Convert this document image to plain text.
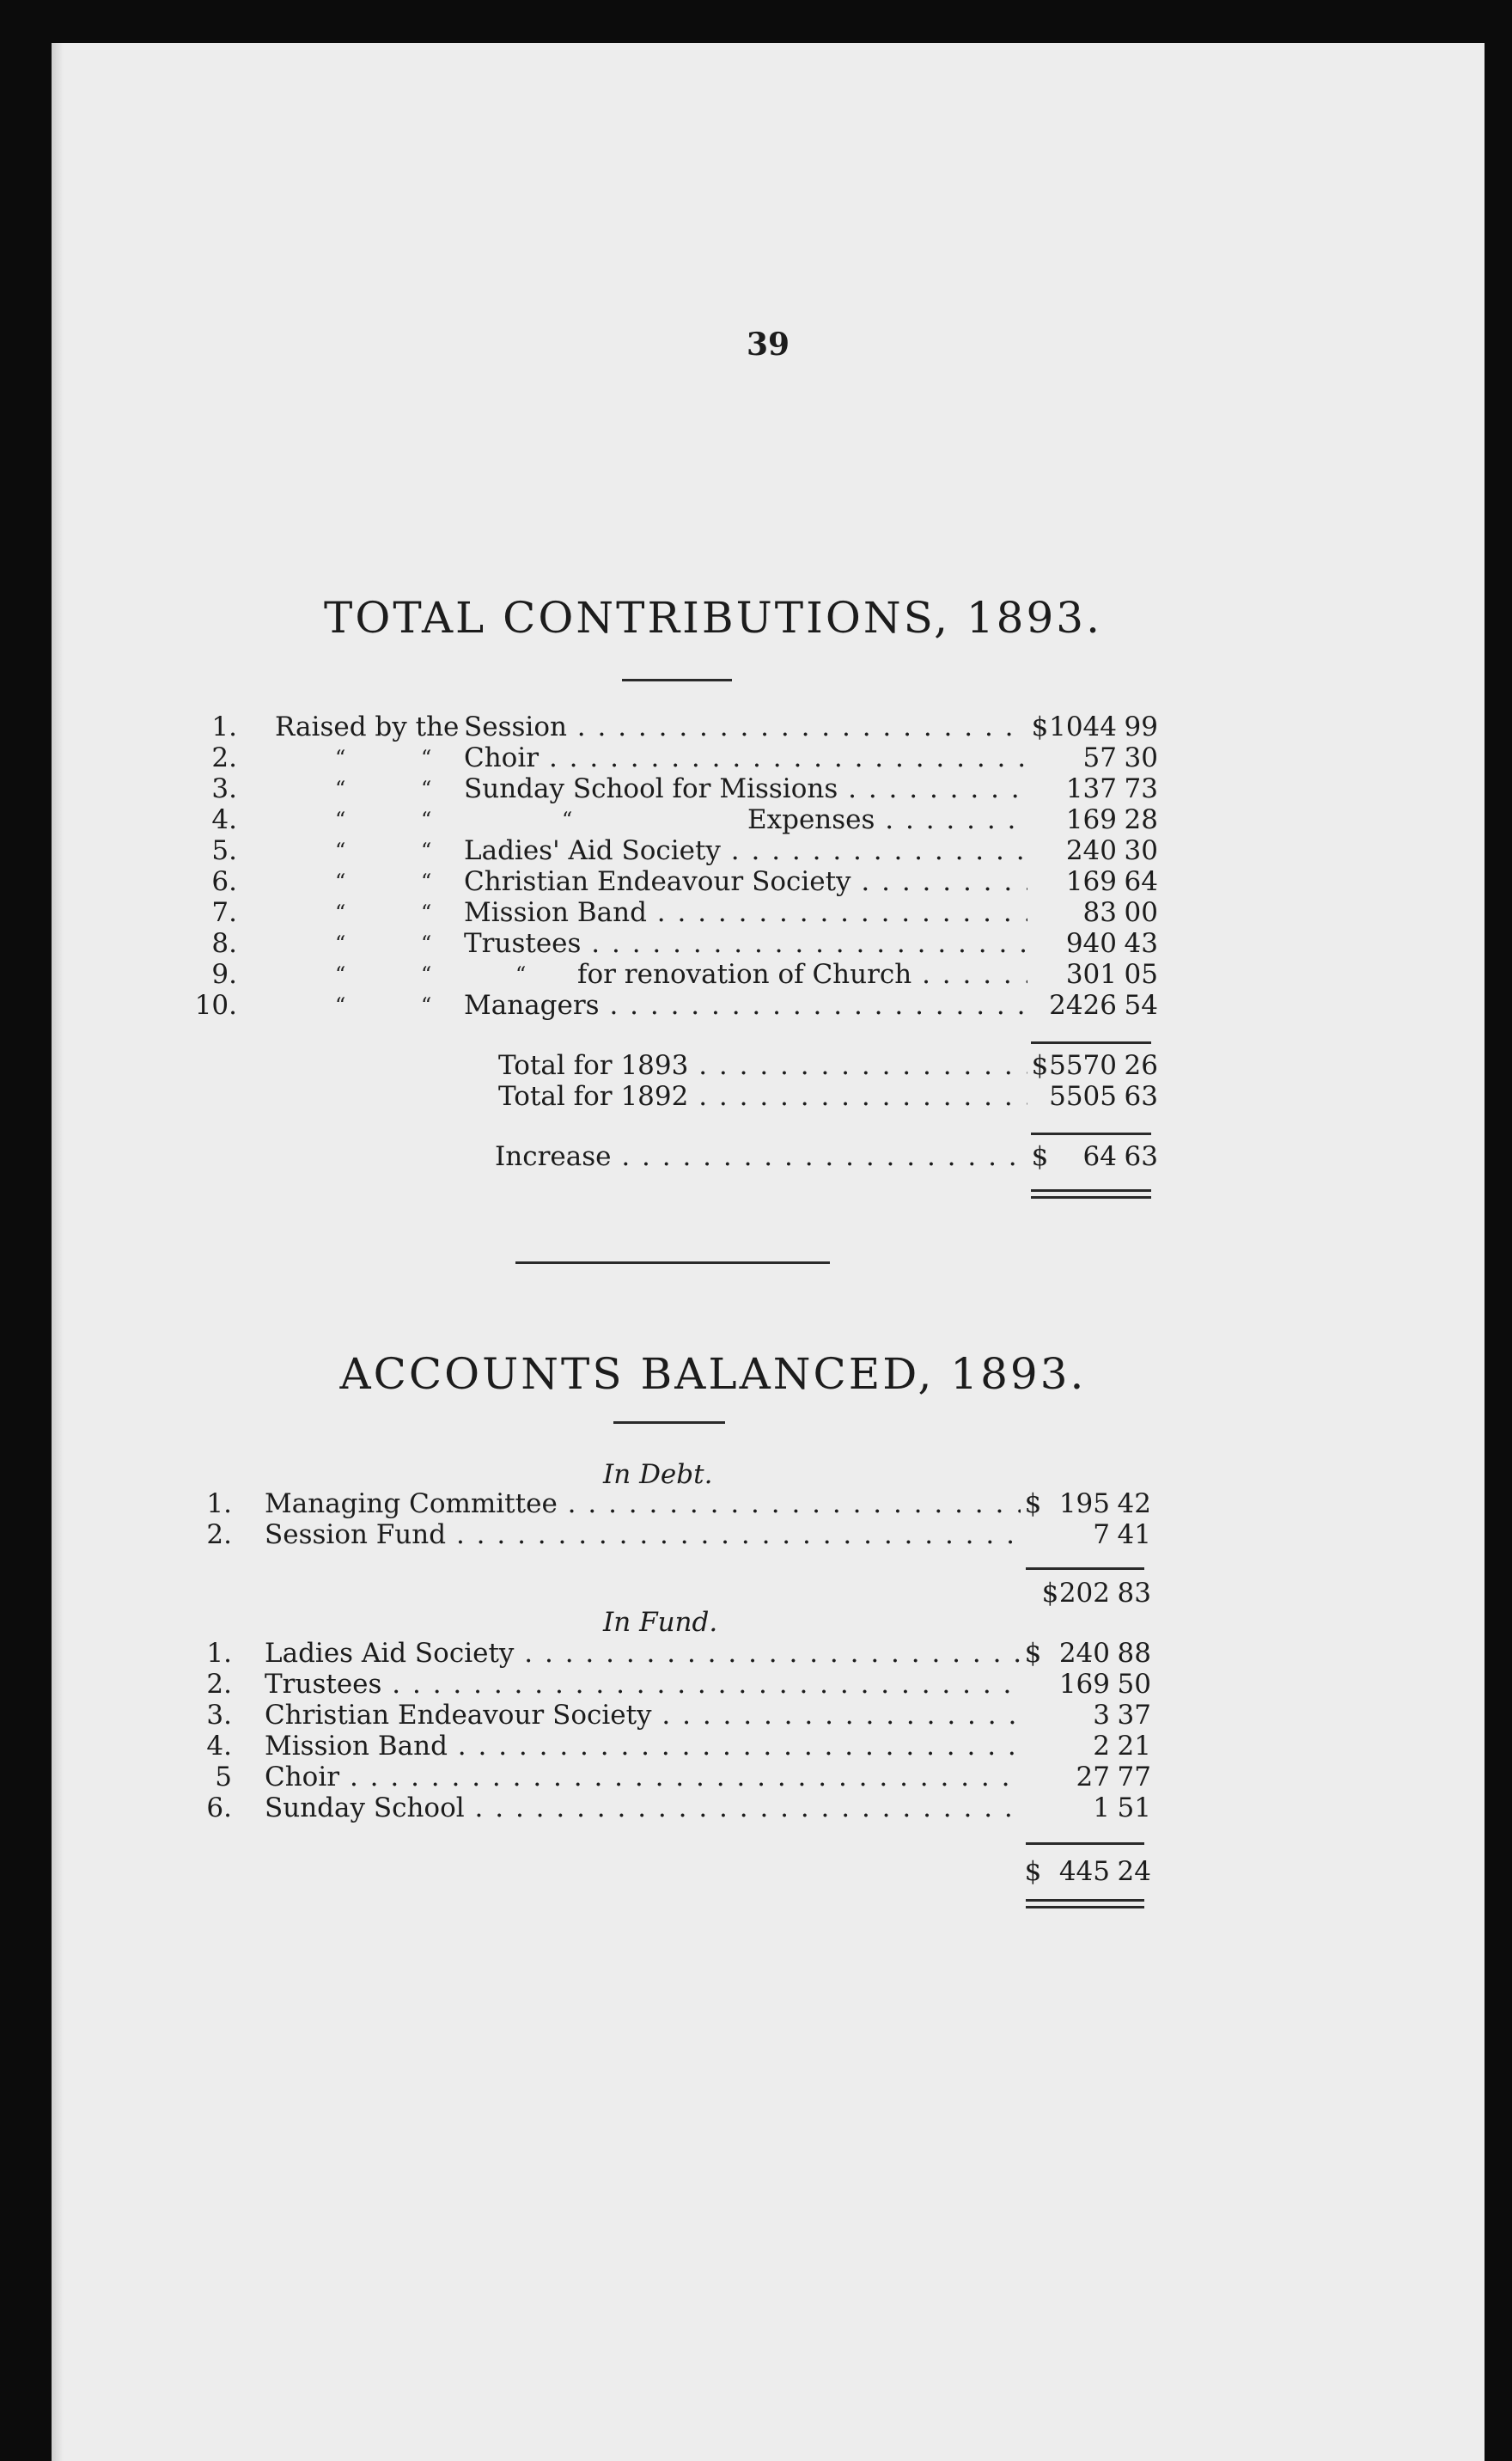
39
TOTAL CONTRIBUTIONS, 1893.
1. Raised by the Session . . .	$ 1044 99
2.	“	“ Choir . . .	57 30
3.	“	“ Sunday School for Missions . . .	137 73
4.	“	“	“	Expenses . . .	169 28
5.	“	“ Ladies' Aid Society . . .	240 30
6.	“	“ Christian Endeavour Society . . .	169 64
7.	“	“ Mission Band . . .	83 00
8.	“	“ Trustees . . .	940 43
9.	“	“	“ for renovation of Church . . .	301 05
10.	“	“ Managers . . .	2426 54
Total for 1893 . . .	$ 5570 26
Total for 1892 . . .	5505 63
Increase . . .	$	64 63
ACCOUNTS BALANCED, 1893.
In Debt.
1. Managing Committee . . .	$ 195 42
2. Session Fund . . .	7 41
$ 202 83
In Fund.
1. Ladies Aid Society . . .	$ 240 88
2. Trustees . . .	169 50
3. Christian Endeavour Society . . .	3 37
4. Mission Band . . .	2 21
5 Choir . . .	27 77
6. Sunday School . . .	1 51
$ 445 24
